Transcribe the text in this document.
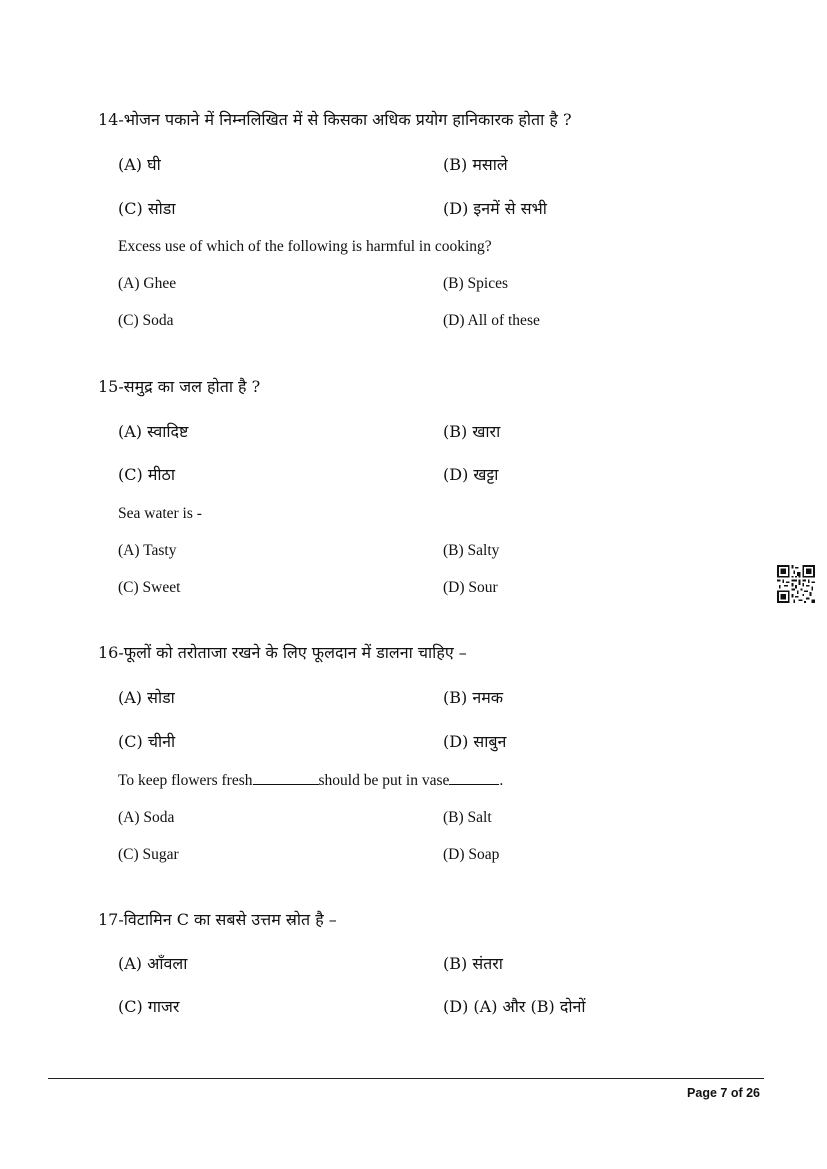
14-भोजन पकाने में निम्नलिखित में से किसका अधिक प्रयोग हानिकारक होता है ?
(A) घी	(B) मसाले
(C) सोडा	(D) इनमें से सभी
Excess use of which of the following is harmful in cooking?
(A) Ghee	(B) Spices
(C) Soda	(D) All of these
15-समुद्र का जल होता है ?
(A) स्वादिष्ट	(B) खारा
(C) मीठा	(D) खट्टा
Sea water is -
(A) Tasty	(B) Salty
(C) Sweet	(D) Sour
16-फूलों को तरोताजा रखने के लिए फूलदान में डालना चाहिए –
(A) सोडा	(B) नमक
(C) चीनी	(D) साबुन
To keep flowers fresh	should be put in vase	.
(A) Soda	(B) Salt
(C) Sugar	(D) Soap
17-विटामिन C का सबसे उत्तम स्रोत है –
(A) आँवला	(B) संतरा
(C) गाजर	(D) (A) और (B) दोनों
Page 7 of 26
